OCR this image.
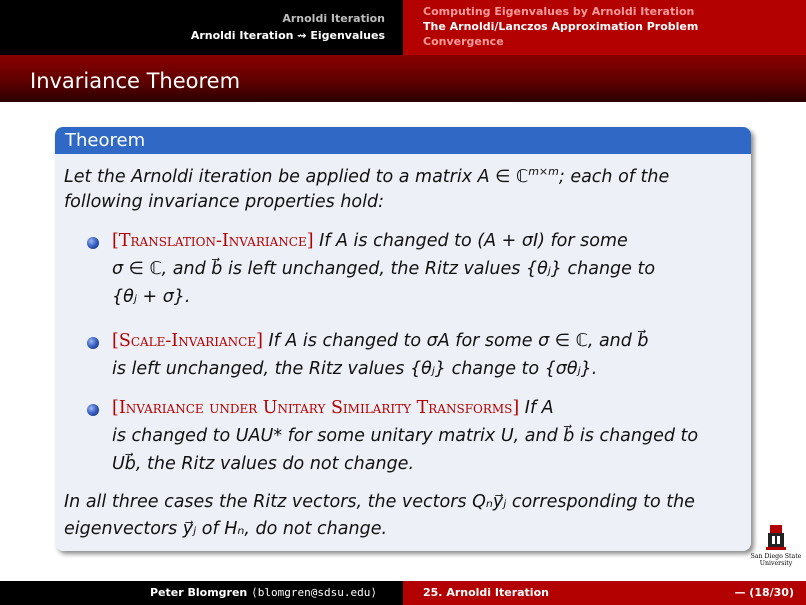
Arnoldi Iteration
Arnoldi Iteration ⇝ Eigenvalues
Computing Eigenvalues by Arnoldi Iteration
The Arnoldi/Lanczos Approximation Problem
Convergence
Invariance Theorem
Theorem
Let the Arnoldi iteration be applied to a matrix A ∈ ℂ$^{m\times m}$; each of the
following invariance properties hold:
[Translation-Invariance] If A is changed to (A + σI) for some
σ ∈ ℂ, and b⃗ is left unchanged, the Ritz values {θⱼ} change to
{θⱼ + σ}.
[Scale-Invariance] If A is changed to σA for some σ ∈ ℂ, and b⃗
is left unchanged, the Ritz values {θⱼ} change to {σθⱼ}.
[Invariance under Unitary Similarity Transforms] If A
is changed to UAU* for some unitary matrix U, and b⃗ is changed to
Ub⃗, the Ritz values do not change.
In all three cases the Ritz vectors, the vectors Qₙy⃗ⱼ corresponding to the
eigenvectors y⃗ⱼ of Hₙ, do not change.
San Diego State
University
Peter Blomgren ⟨blomgren@sdsu.edu⟩	25. Arnoldi Iteration	— (18/30)
